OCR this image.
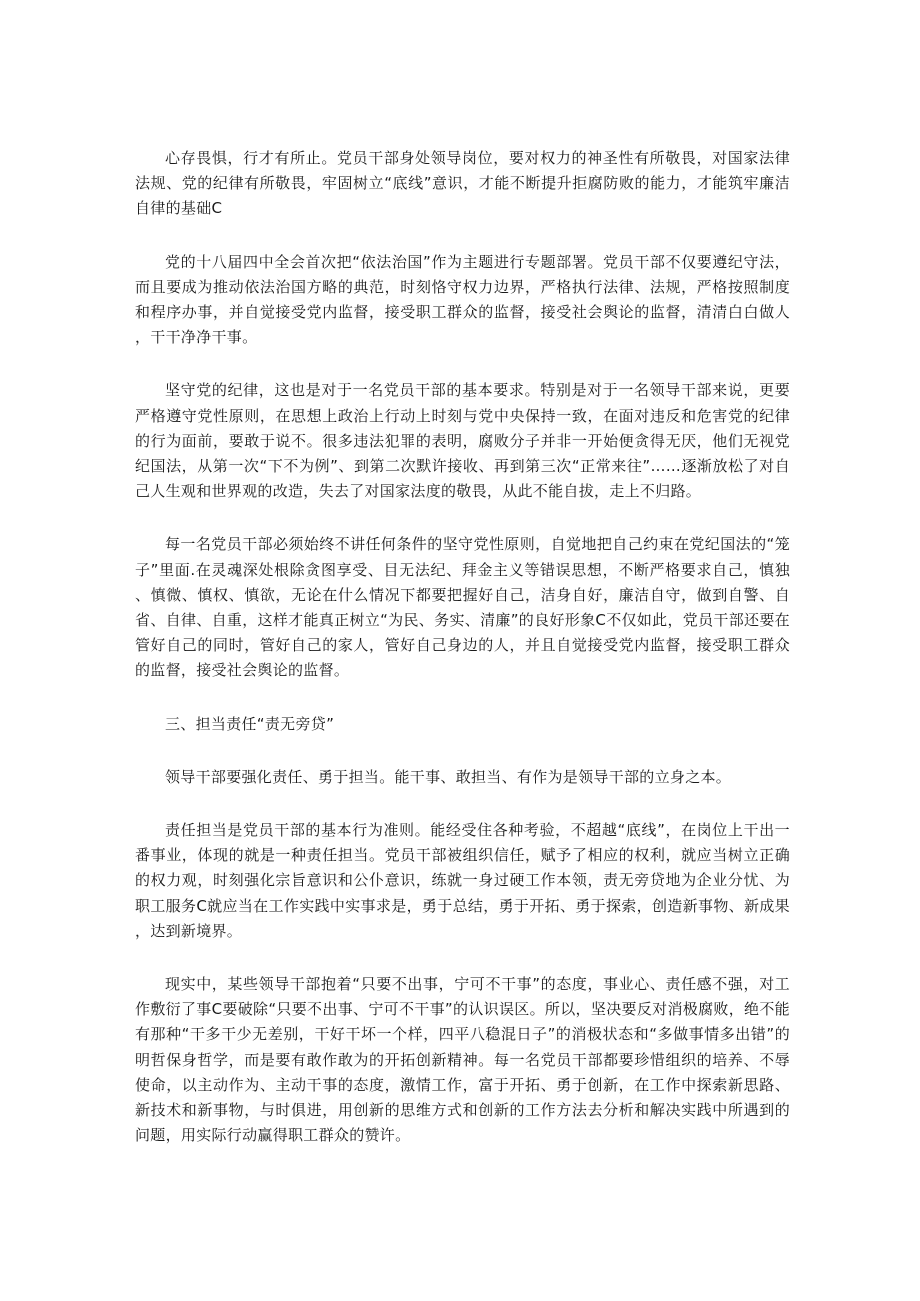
心存畏惧，行才有所止。党员干部身处领导岗位，要对权力的神圣性有所敬畏，对国家法律法规、党的纪律有所敬畏，牢固树立“底线”意识，才能不断提升拒腐防败的能力，才能筑牢廉洁自律的基础C

党的十八届四中全会首次把“依法治国”作为主题进行专题部署。党员干部不仅要遵纪守法，而且要成为推动依法治国方略的典范，时刻恪守权力边界，严格执行法律、法规，严格按照制度和程序办事，并自觉接受党内监督，接受职工群众的监督，接受社会舆论的监督，清清白白做人，干干净净干事。

坚守党的纪律，这也是对于一名党员干部的基本要求。特别是对于一名领导干部来说，更要严格遵守党性原则，在思想上政治上行动上时刻与党中央保持一致，在面对违反和危害党的纪律的行为面前，要敢于说不。很多违法犯罪的表明，腐败分子并非一开始便贪得无厌，他们无视党纪国法，从第一次“下不为例”、到第二次默许接收、再到第三次“正常来往”……逐渐放松了对自己人生观和世界观的改造，失去了对国家法度的敬畏，从此不能自拔，走上不归路。

每一名党员干部必须始终不讲任何条件的坚守党性原则，自觉地把自己约束在党纪国法的“笼子”里面.在灵魂深处根除贪图享受、目无法纪、拜金主义等错误思想，不断严格要求自己，慎独、慎微、慎权、慎欲，无论在什么情况下都要把握好自己，洁身自好，廉洁自守，做到自警、自省、自律、自重，这样才能真正树立“为民、务实、清廉”的良好形象C不仅如此，党员干部还要在管好自己的同时，管好自己的家人，管好自己身边的人，并且自觉接受党内监督，接受职工群众的监督，接受社会舆论的监督。

三、担当责任“责无旁贷”

领导干部要强化责任、勇于担当。能干事、敢担当、有作为是领导干部的立身之本。

责任担当是党员干部的基本行为准则。能经受住各种考验，不超越“底线”，在岗位上干出一番事业，体现的就是一种责任担当。党员干部被组织信任，赋予了相应的权利，就应当树立正确的权力观，时刻强化宗旨意识和公仆意识，练就一身过硬工作本领，责无旁贷地为企业分忧、为职工服务C就应当在工作实践中实事求是，勇于总结，勇于开拓、勇于探索，创造新事物、新成果，达到新境界。

现实中，某些领导干部抱着“只要不出事，宁可不干事”的态度，事业心、责任感不强，对工作敷衍了事C要破除“只要不出事、宁可不干事”的认识误区。所以，坚决要反对消极腐败，绝不能有那种“干多干少无差别，干好干坏一个样，四平八稳混日子”的消极状态和“多做事情多出错”的明哲保身哲学，而是要有敢作敢为的开拓创新精神。每一名党员干部都要珍惜组织的培养、不辱使命，以主动作为、主动干事的态度，激情工作，富于开拓、勇于创新，在工作中探索新思路、新技术和新事物，与时俱进，用创新的思维方式和创新的工作方法去分析和解决实践中所遇到的问题，用实际行动赢得职工群众的赞许。
